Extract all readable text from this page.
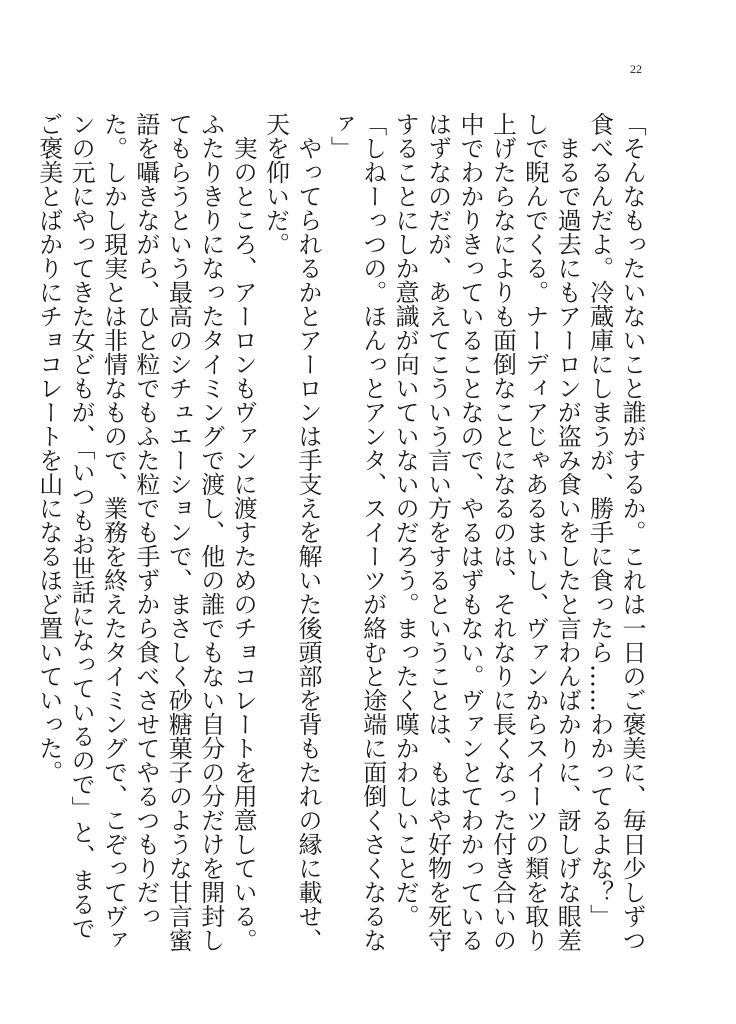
22

「そんなもったいないこと誰がするか。これは一日のご褒美に、毎日少しずつ食べるんだよ。冷蔵庫にしまうが、勝手に食ったら……わかってるよな？」

まるで過去にもアーロンが盗み食いをしたと言わんばかりに、訝しげな眼差しで睨んでくる。ナーディアじゃあるまいし、ヴァンからスイーツの類を取り上げたらなによりも面倒なことになるのは、それなりに長くなった付き合いの中でわかりきっていることなので、やるはずもない。ヴァンとてわかっているはずなのだが、あえてこういう言い方をするということは、もはや好物を死守することにしか意識が向いていないのだろう。まったく嘆かわしいことだ。

「しねーっつの。ほんっとアンタ、スイーツが絡むと途端に面倒くさくなるなァ」

やってられるかとアーロンは手支えを解いた後頭部を背もたれの縁に載せ、天を仰いだ。

実のところ、アーロンもヴァンに渡すためのチョコレートを用意している。ふたりきりになったタイミングで渡し、他の誰でもない自分の分だけを開封してもらうという最高のシチュエーションで、まさしく砂糖菓子のような甘言蜜語を囁きながら、ひと粒でもふた粒でも手ずから食べさせてやるつもりだった。しかし現実とは非情なもので、業務を終えたタイミングで、こぞってヴァンの元にやってきた女どもが、「いつもお世話になっているので」と、まるでご褒美とばかりにチョコレートを山になるほど置いていった。
